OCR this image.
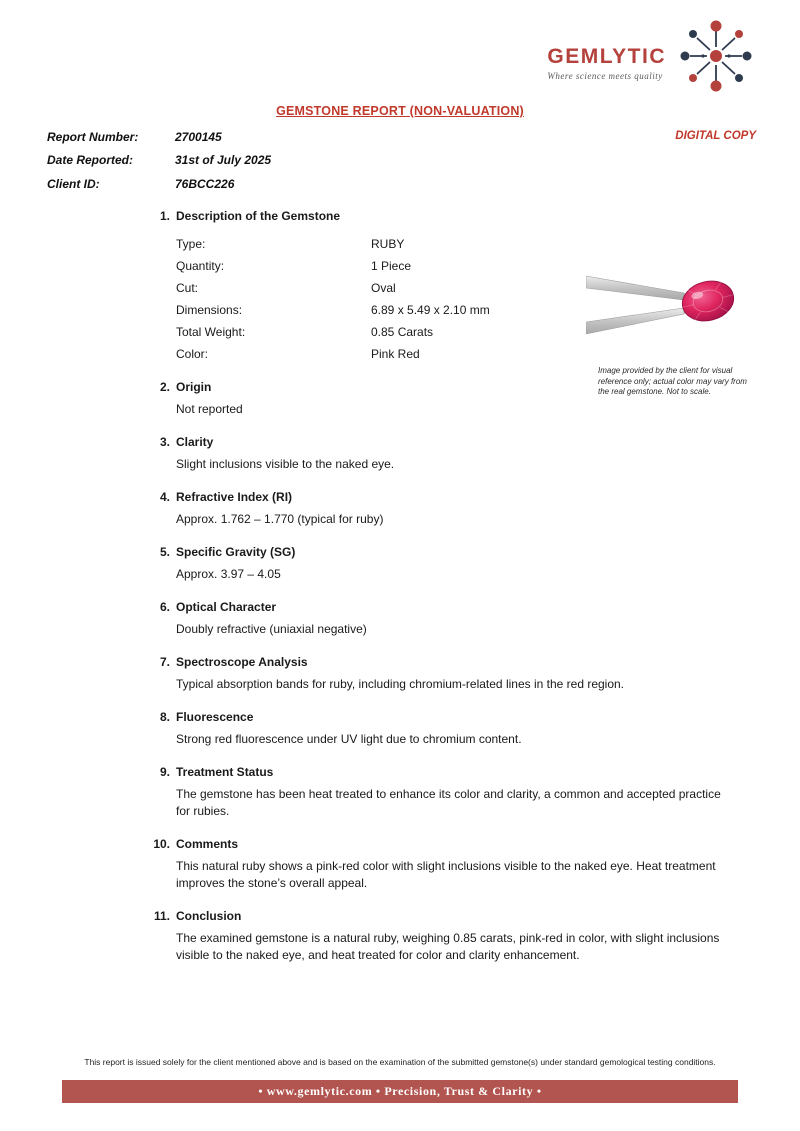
GEMLYTIC
Where science meets quality
GEMSTONE REPORT (NON-VALUATION)
DIGITAL COPY
Report Number:	2700145
Date Reported:	31st of July 2025
Client ID:	76BCC226
1. Description of the Gemstone
Type:	RUBY
Quantity:	1 Piece
Cut:	Oval
Dimensions:	6.89 x 5.49 x 2.10 mm
Total Weight:	0.85 Carats
Color:	Pink Red
2. Origin

Not reported

3. Clarity

Slight inclusions visible to the naked eye.

4. Refractive Index (RI)

Approx. 1.762 – 1.770 (typical for ruby)

5. Specific Gravity (SG)

Approx. 3.97 – 4.05

6. Optical Character

Doubly refractive (uniaxial negative)

7. Spectroscope Analysis

Typical absorption bands for ruby, including chromium-related lines in the red region.

8. Fluorescence

Strong red fluorescence under UV light due to chromium content.

9. Treatment Status

The gemstone has been heat treated to enhance its color and clarity, a common and accepted practice for rubies.

10. Comments

This natural ruby shows a pink-red color with slight inclusions visible to the naked eye. Heat treatment improves the stone’s overall appeal.

11. Conclusion

The examined gemstone is a natural ruby, weighing 0.85 carats, pink-red in color, with slight inclusions visible to the naked eye, and heat treated for color and clarity enhancement.

Image provided by the client for visual reference only; actual color may vary from the real gemstone. Not to scale.
This report is issued solely for the client mentioned above and is based on the examination of the submitted gemstone(s) under standard gemological testing conditions.
• www.gemlytic.com • Precision, Trust & Clarity •
